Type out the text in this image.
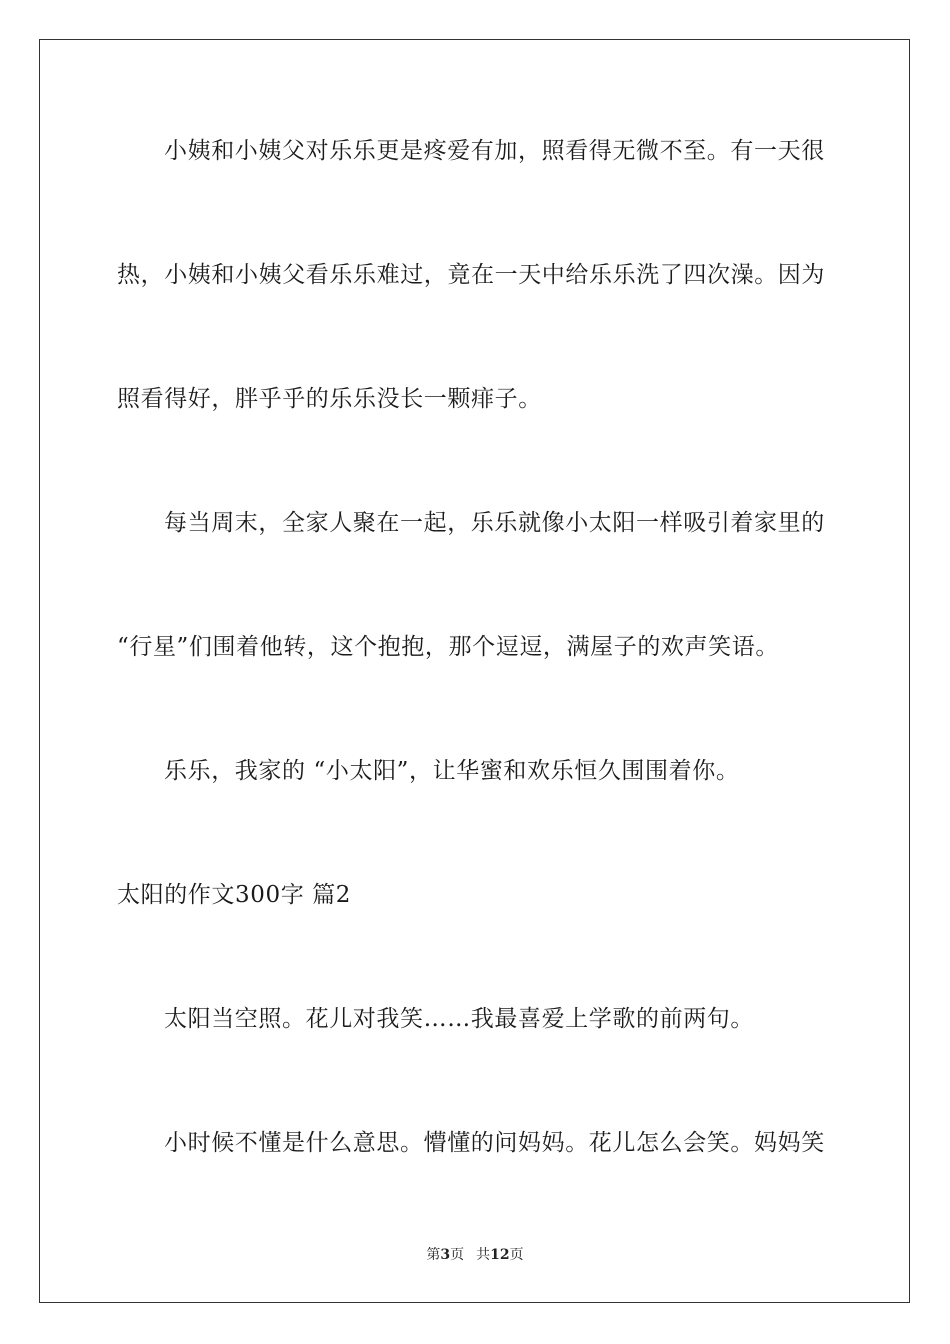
小姨和小姨父对乐乐更是疼爱有加，照看得无微不至。有一天很
热，小姨和小姨父看乐乐难过，竟在一天中给乐乐洗了四次澡。因为
照看得好，胖乎乎的乐乐没长一颗痱子。
每当周末，全家人聚在一起，乐乐就像小太阳一样吸引着家里的
“行星”们围着他转，这个抱抱，那个逗逗，满屋子的欢声笑语。
乐乐，我家的 “小太阳”，让华蜜和欢乐恒久围围着你。
太阳的作文300字 篇2
太阳当空照。花儿对我笑……我最喜爱上学歌的前两句。
小时候不懂是什么意思。懵懂的问妈妈。花儿怎么会笑。妈妈笑
第3页 共12页
